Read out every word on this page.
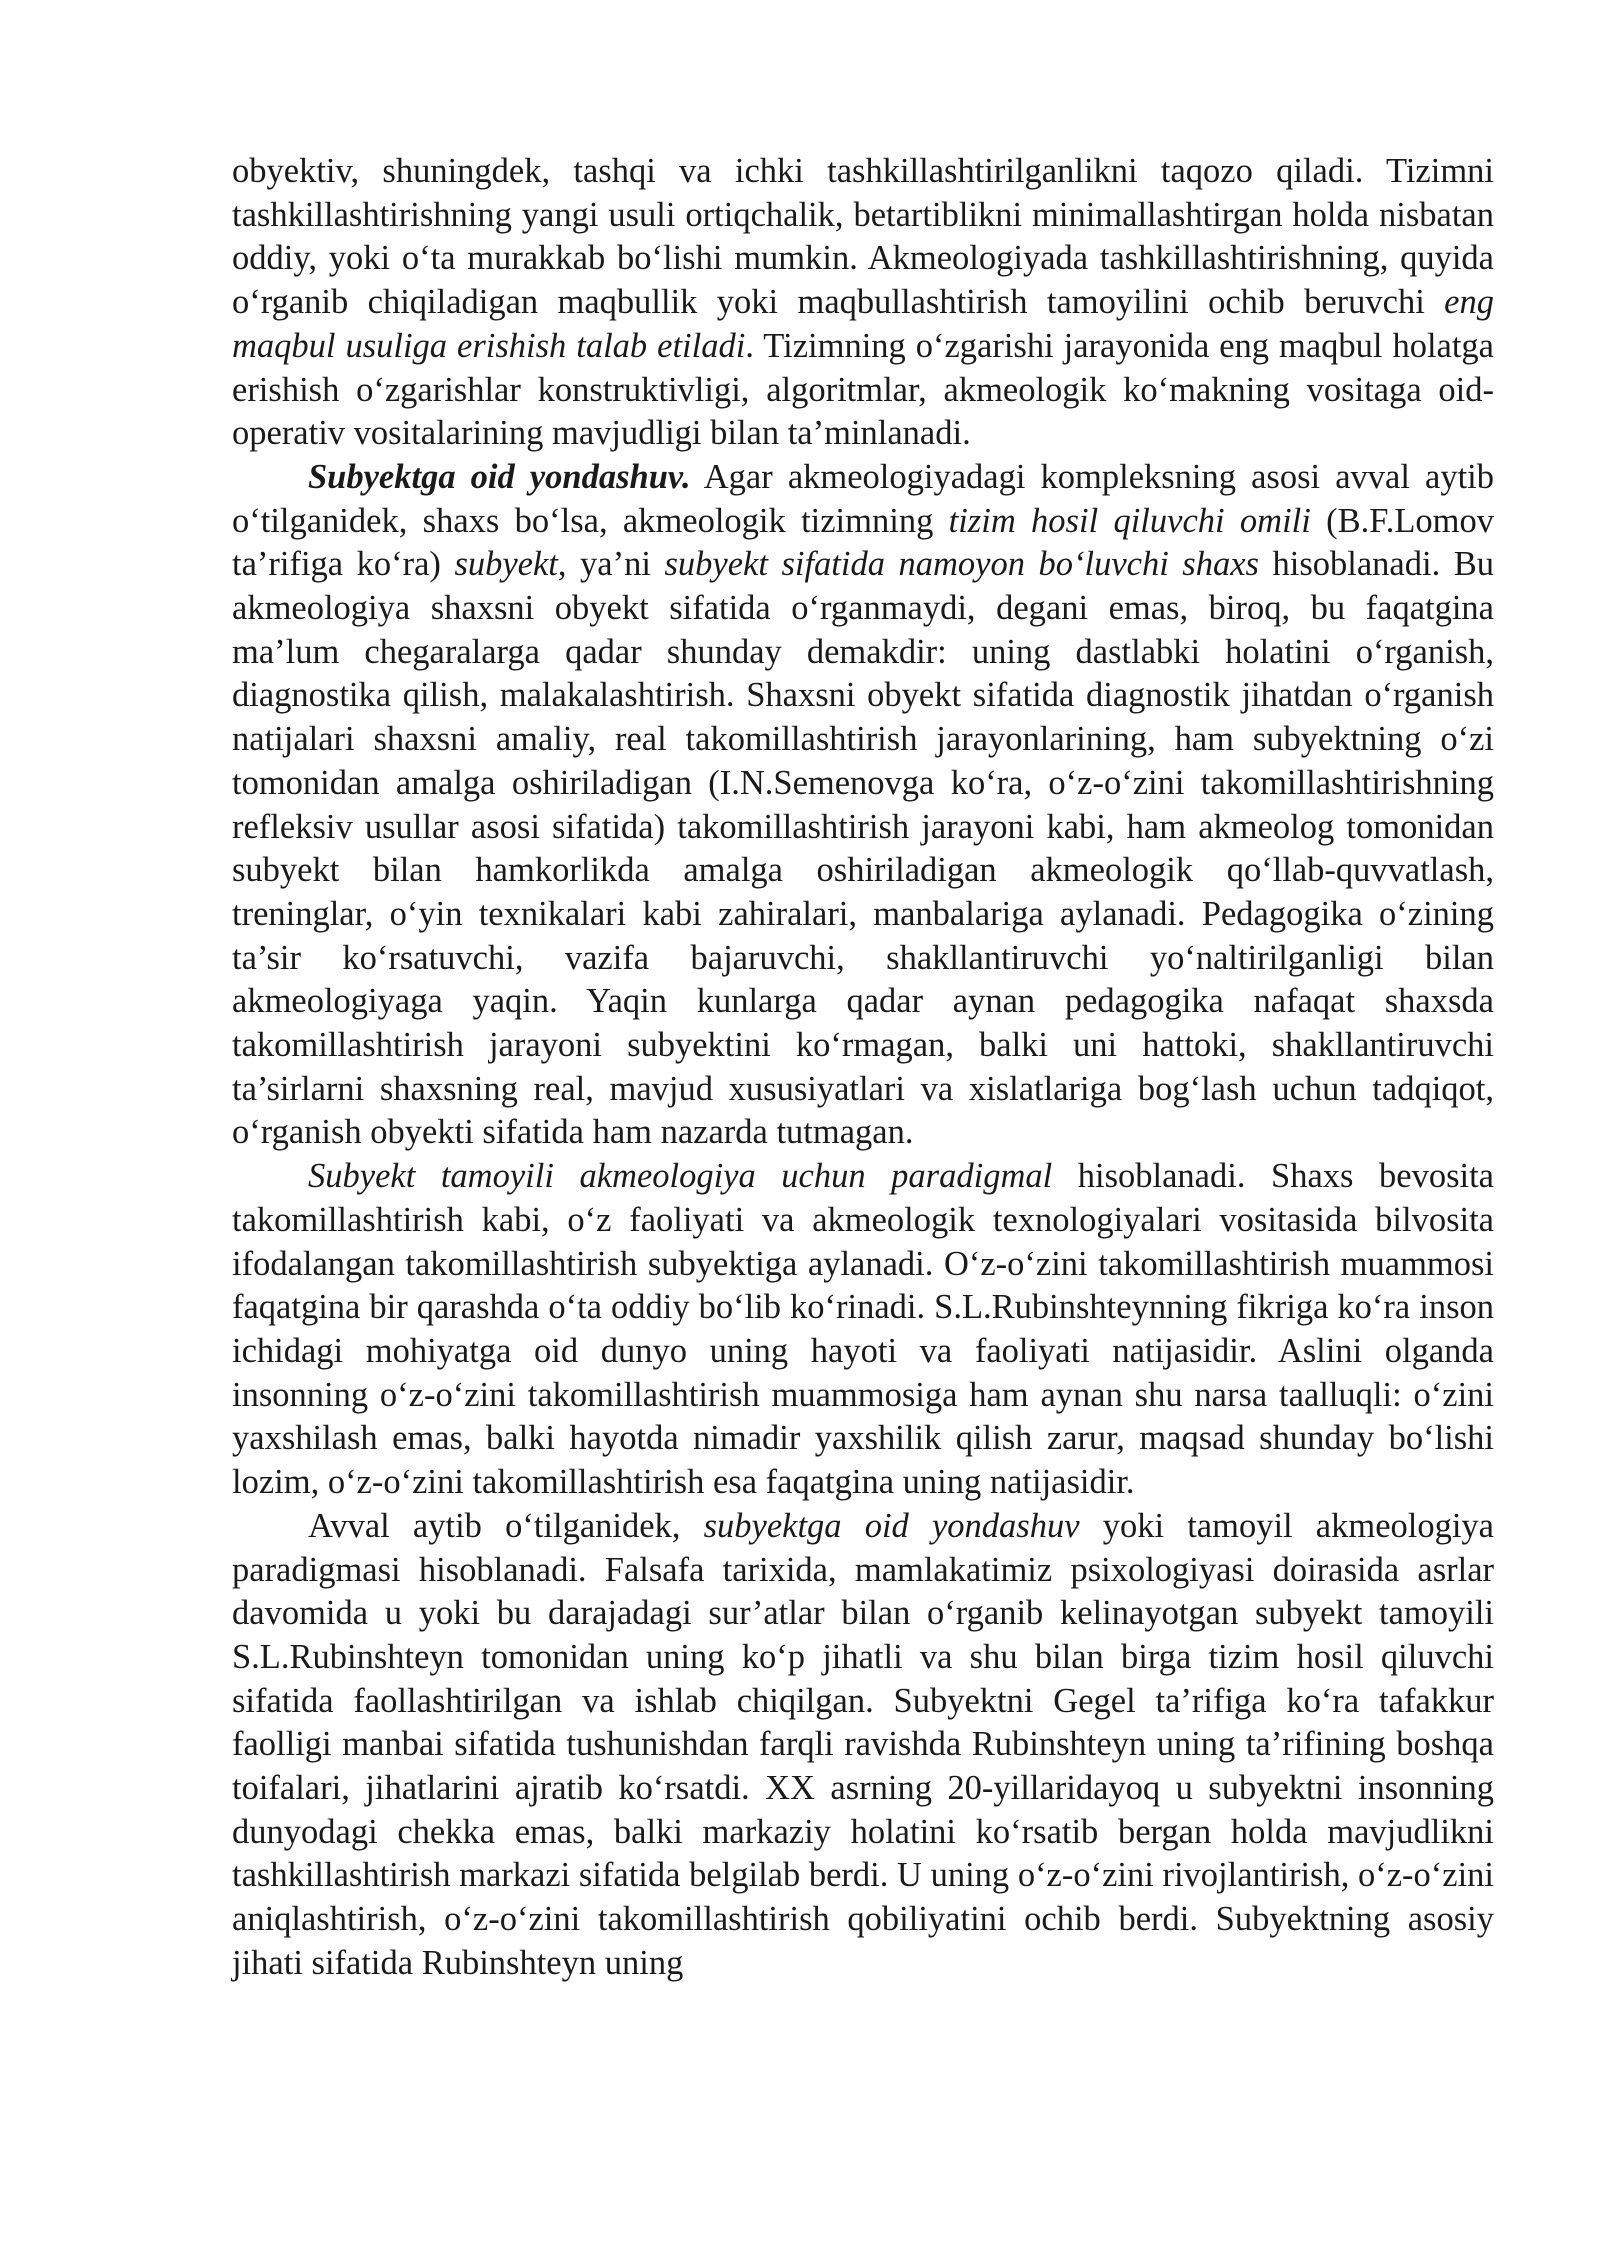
obyektiv, shuningdek, tashqi va ichki tashkillashtirilganlikni taqozo qiladi. Tizimni tashkillashtirishning yangi usuli ortiqchalik, betartiblikni minimallashtirgan holda nisbatan oddiy, yoki o‘ta murakkab bo‘lishi mumkin. Akmeologiyada tashkillashtirishning, quyida o‘rganib chiqiladigan maqbullik yoki maqbullashtirish tamoyilini ochib beruvchi eng maqbul usuliga erishish talab etiladi. Tizimning o‘zgarishi jarayonida eng maqbul holatga erishish o‘zgarishlar konstruktivligi, algoritmlar, akmeologik ko‘makning vositaga oid-operativ vositalarining mavjudligi bilan ta’minlanadi.

Subyektga oid yondashuv. Agar akmeologiyadagi kompleksning asosi avval aytib o‘tilganidek, shaxs bo‘lsa, akmeologik tizimning tizim hosil qiluvchi omili (B.F.Lomov ta’rifiga ko‘ra) subyekt, ya’ni subyekt sifatida namoyon bo‘luvchi shaxs hisoblanadi. Bu akmeologiya shaxsni obyekt sifatida o‘rganmaydi, degani emas, biroq, bu faqatgina ma’lum chegaralarga qadar shunday demakdir: uning dastlabki holatini o‘rganish, diagnostika qilish, malakalashtirish. Shaxsni obyekt sifatida diagnostik jihatdan o‘rganish natijalari shaxsni amaliy, real takomillashtirish jarayonlarining, ham subyektning o‘zi tomonidan amalga oshiriladigan (I.N.Semenovga ko‘ra, o‘z-o‘zini takomillashtirishning refleksiv usullar asosi sifatida) takomillashtirish jarayoni kabi, ham akmeolog tomonidan subyekt bilan hamkorlikda amalga oshiriladigan akmeologik qo‘llab-quvvatlash, treninglar, o‘yin texnikalari kabi zahiralari, manbalariga aylanadi. Pedagogika o‘zining ta’sir ko‘rsatuvchi, vazifa bajaruvchi, shakllantiruvchi yo‘naltirilganligi bilan akmeologiyaga yaqin. Yaqin kunlarga qadar aynan pedagogika nafaqat shaxsda takomillashtirish jarayoni subyektini ko‘rmagan, balki uni hattoki, shakllantiruvchi ta’sirlarni shaxsning real, mavjud xususiyatlari va xislatlariga bog‘lash uchun tadqiqot, o‘rganish obyekti sifatida ham nazarda tutmagan.

Subyekt tamoyili akmeologiya uchun paradigmal hisoblanadi. Shaxs bevosita takomillashtirish kabi, o‘z faoliyati va akmeologik texnologiyalari vositasida bilvosita ifodalangan takomillashtirish subyektiga aylanadi. O‘z-o‘zini takomillashtirish muammosi faqatgina bir qarashda o‘ta oddiy bo‘lib ko‘rinadi. S.L.Rubinshteynning fikriga ko‘ra inson ichidagi mohiyatga oid dunyo uning hayoti va faoliyati natijasidir. Aslini olganda insonning o‘z-o‘zini takomillashtirish muammosiga ham aynan shu narsa taalluqli: o‘zini yaxshilash emas, balki hayotda nimadir yaxshilik qilish zarur, maqsad shunday bo‘lishi lozim, o‘z-o‘zini takomillashtirish esa faqatgina uning natijasidir.

Avval aytib o‘tilganidek, subyektga oid yondashuv yoki tamoyil akmeologiya paradigmasi hisoblanadi. Falsafa tarixida, mamlakatimiz psixologiyasi doirasida asrlar davomida u yoki bu darajadagi sur’atlar bilan o‘rganib kelinayotgan subyekt tamoyili S.L.Rubinshteyn tomonidan uning ko‘p jihatli va shu bilan birga tizim hosil qiluvchi sifatida faollashtirilgan va ishlab chiqilgan. Subyektni Gegel ta’rifiga ko‘ra tafakkur faolligi manbai sifatida tushunishdan farqli ravishda Rubinshteyn uning ta’rifining boshqa toifalari, jihatlarini ajratib ko‘rsatdi. XX asrning 20-yillaridayoq u subyektni insonning dunyodagi chekka emas, balki markaziy holatini ko‘rsatib bergan holda mavjudlikni tashkillashtirish markazi sifatida belgilab berdi. U uning o‘z-o‘zini rivojlantirish, o‘z-o‘zini aniqlashtirish, o‘z-o‘zini takomillashtirish qobiliyatini ochib berdi. Subyektning asosiy jihati sifatida Rubinshteyn uning
